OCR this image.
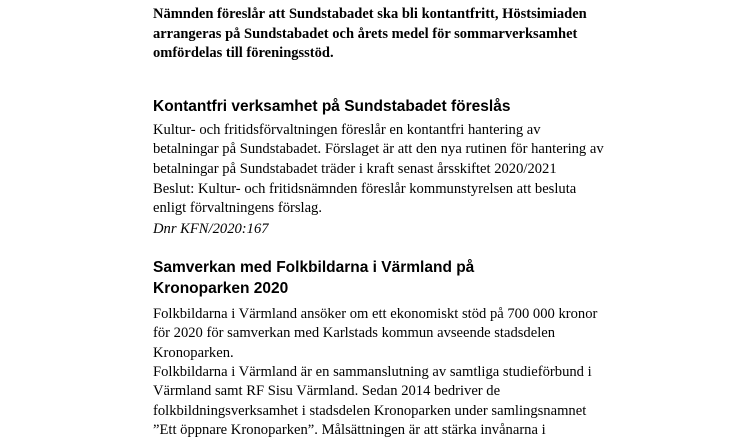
Nämnden föreslår att Sundstabadet ska bli kontantfritt, Höstsimiaden
arrangeras på Sundstabadet och årets medel för sommarverksamhet
omfördelas till föreningsstöd.
Kontantfri verksamhet på Sundstabadet föreslås
Kultur- och fritidsförvaltningen föreslår en kontantfri hantering av
betalningar på Sundstabadet. Förslaget är att den nya rutinen för hantering av
betalningar på Sundstabadet träder i kraft senast årsskiftet 2020/2021
Beslut: Kultur- och fritidsnämnden föreslår kommunstyrelsen att besluta
enligt förvaltningens förslag.
Dnr KFN/2020:167
Samverkan med Folkbildarna i Värmland på
Kronoparken 2020
Folkbildarna i Värmland ansöker om ett ekonomiskt stöd på 700 000 kronor
för 2020 för samverkan med Karlstads kommun avseende stadsdelen
Kronoparken.
Folkbildarna i Värmland är en sammanslutning av samtliga studieförbund i
Värmland samt RF Sisu Värmland. Sedan 2014 bedriver de
folkbildningsverksamhet i stadsdelen Kronoparken under samlingsnamnet
”Ett öppnare Kronoparken”. Målsättningen är att stärka invånarna i
